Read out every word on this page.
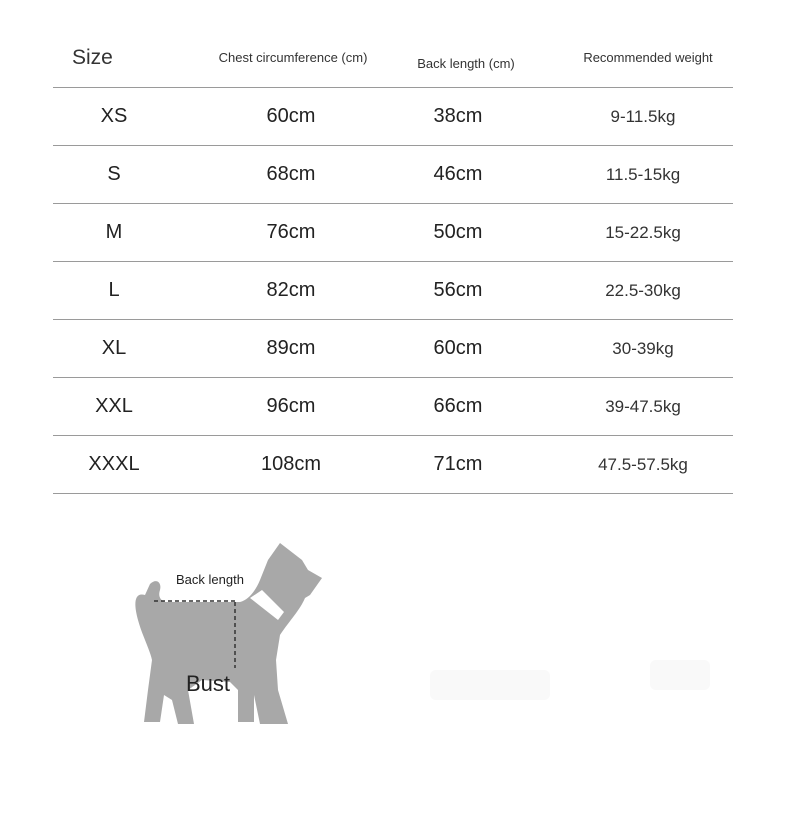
Size	Chest circumference (cm)	Back length (cm)	Recommended weight
XS	60cm	38cm	9-11.5kg
S	68cm	46cm	11.5-15kg
M	76cm	50cm	15-22.5kg
L	82cm	56cm	22.5-30kg
XL	89cm	60cm	30-39kg
XXL	96cm	66cm	39-47.5kg
XXXL	108cm	71cm	47.5-57.5kg
Back length
Bust
